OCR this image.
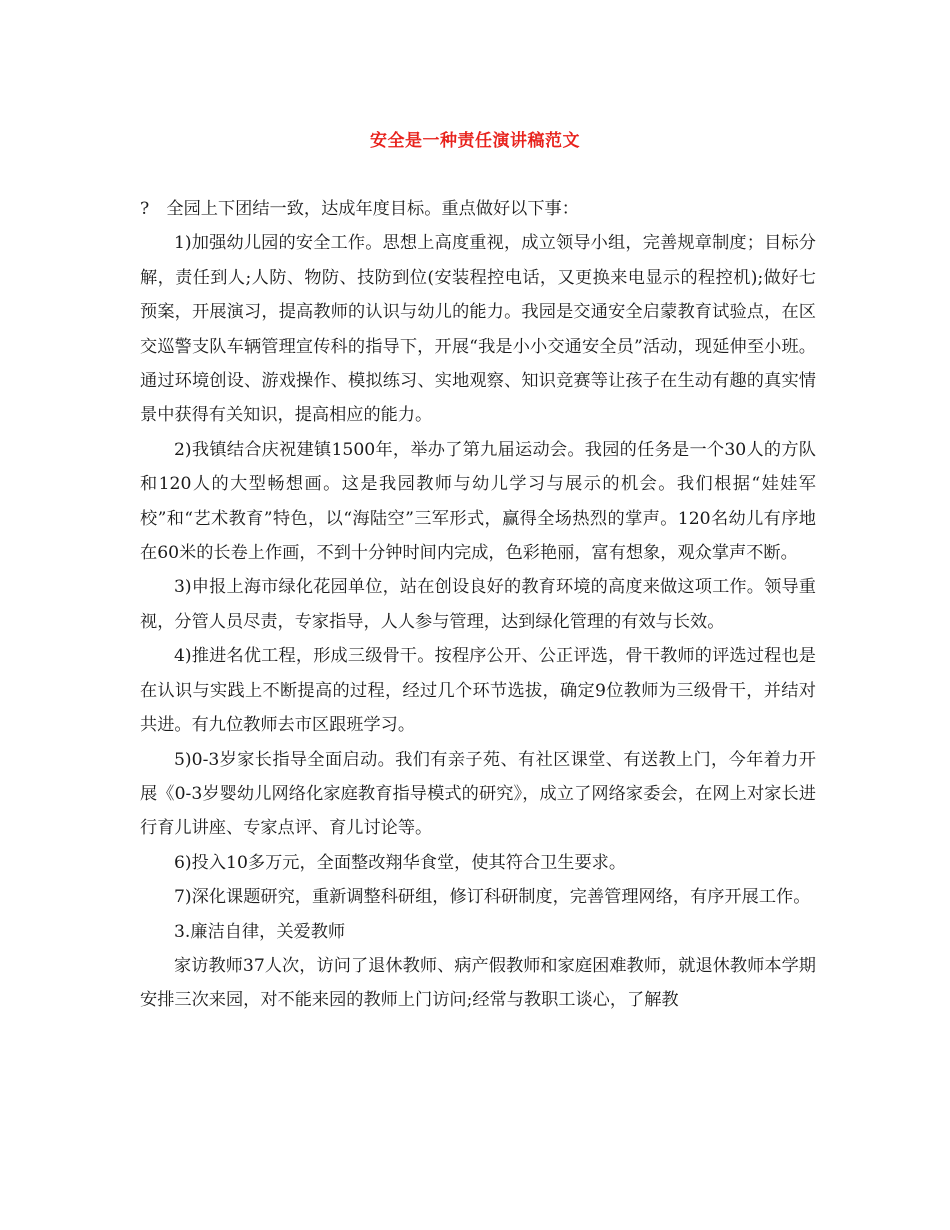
安全是一种责任演讲稿范文

?　全园上下团结一致，达成年度目标。重点做好以下事：

1)加强幼儿园的安全工作。思想上高度重视，成立领导小组，完善规章制度；目标分解，责任到人;人防、物防、技防到位(安装程控电话，又更换来电显示的程控机);做好七预案，开展演习，提高教师的认识与幼儿的能力。我园是交通安全启蒙教育试验点，在区交巡警支队车辆管理宣传科的指导下，开展“我是小小交通安全员”活动，现延伸至小班。通过环境创设、游戏操作、模拟练习、实地观察、知识竞赛等让孩子在生动有趣的真实情景中获得有关知识，提高相应的能力。

2)我镇结合庆祝建镇1500年，举办了第九届运动会。我园的任务是一个30人的方队和120人的大型畅想画。这是我园教师与幼儿学习与展示的机会。我们根据“娃娃军校”和“艺术教育”特色，以“海陆空”三军形式，赢得全场热烈的掌声。120名幼儿有序地在60米的长卷上作画，不到十分钟时间内完成，色彩艳丽，富有想象，观众掌声不断。

3)申报上海市绿化花园单位，站在创设良好的教育环境的高度来做这项工作。领导重视，分管人员尽责，专家指导，人人参与管理，达到绿化管理的有效与长效。

4)推进名优工程，形成三级骨干。按程序公开、公正评选，骨干教师的评选过程也是在认识与实践上不断提高的过程，经过几个环节选拔，确定9位教师为三级骨干，并结对共进。有九位教师去市区跟班学习。

5)0-3岁家长指导全面启动。我们有亲子苑、有社区课堂、有送教上门，今年着力开展《0-3岁婴幼儿网络化家庭教育指导模式的研究》，成立了网络家委会，在网上对家长进行育儿讲座、专家点评、育儿讨论等。

6)投入10多万元，全面整改翔华食堂，使其符合卫生要求。

7)深化课题研究，重新调整科研组，修订科研制度，完善管理网络，有序开展工作。

3.廉洁自律，关爱教师

家访教师37人次，访问了退休教师、病产假教师和家庭困难教师，就退休教师本学期安排三次来园，对不能来园的教师上门访问;经常与教职工谈心，了解教
